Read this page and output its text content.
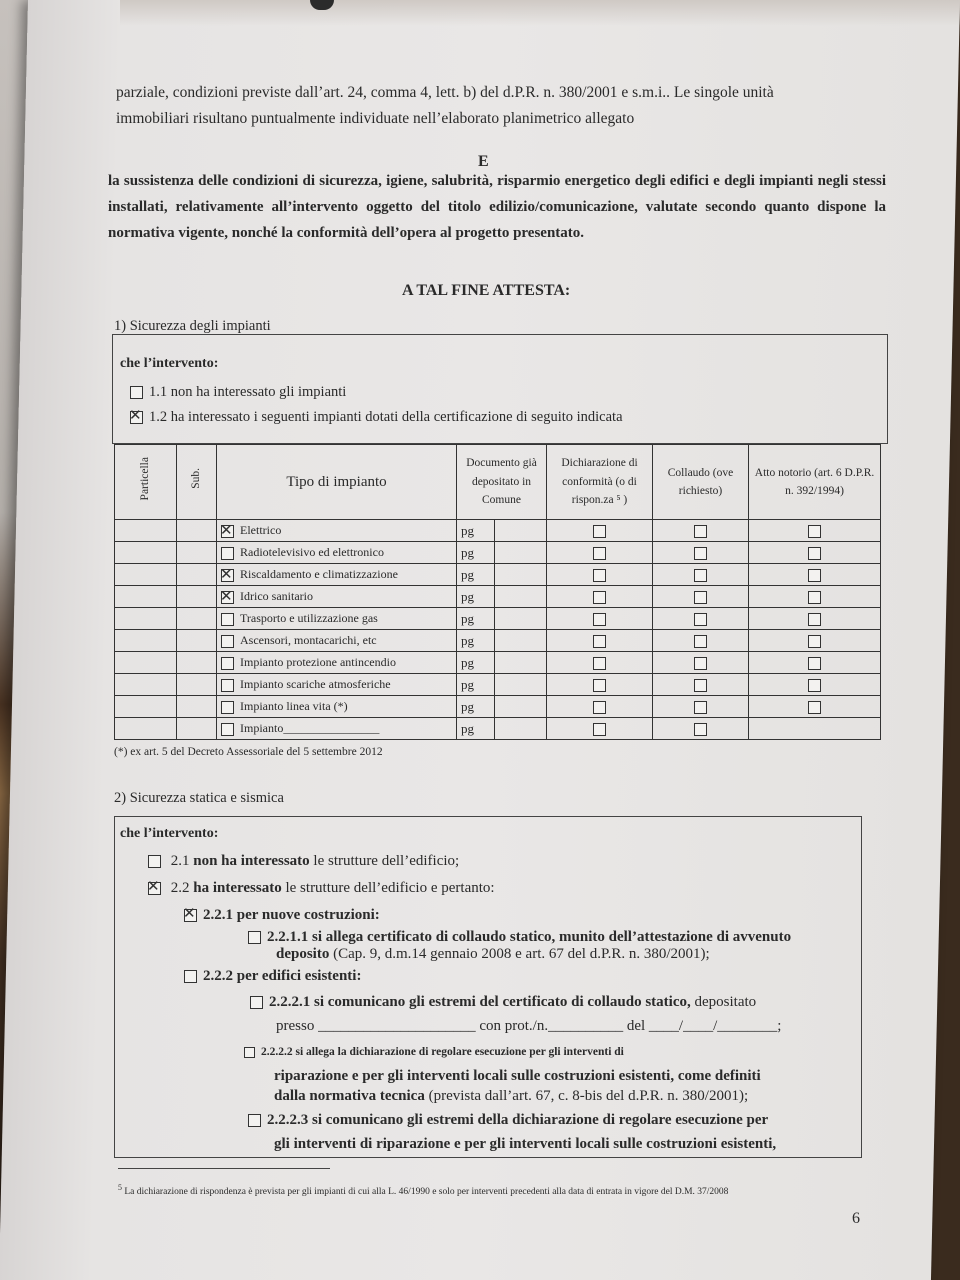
parziale, condizioni previste dall’art. 24, comma 4, lett. b) del d.P.R. n. 380/2001 e s.m.i.. Le singole unità
immobiliari risultano puntualmente individuate nell’elaborato planimetrico allegato
E
la sussistenza delle condizioni di sicurezza, igiene, salubrità, risparmio energetico degli edifici e degli impianti negli stessi installati, relativamente all’intervento oggetto del titolo edilizio/comunicazione, valutate secondo quanto dispone la normativa vigente, nonché la conformità dell’opera al progetto presentato.
A TAL FINE ATTESTA:
1) Sicurezza degli impianti
che l’intervento:
1.1 non ha interessato gli impianti
✕1.2 ha interessato i seguenti impianti dotati della certificazione di seguito indicata
Particella	Sub.	Tipo di impianto	Documento già depositato in Comune		Dichiarazione di conformità (o di rispon.za ⁵ )	Collaudo (ove richiesto)	Atto notorio (art. 6 D.P.R. n. 392/1994)
		✕Elettrico	pg				
		Radiotelevisivo ed elettronico	pg				
		✕Riscaldamento e climatizzazione	pg				
		✕Idrico sanitario	pg				
		Trasporto e utilizzazione gas	pg				
		Ascensori, montacarichi, etc	pg				
		Impianto protezione antincendio	pg				
		Impianto scariche atmosferiche	pg				
		Impianto linea vita (*)	pg				
		Impianto________________	pg				
(*) ex art. 5 del Decreto Assessoriale del 5 settembre 2012
2) Sicurezza statica e sismica
che l’intervento:
2.1 non ha interessato le strutture dell’edificio;
✕ 2.2 ha interessato le strutture dell’edificio e pertanto:
✕2.2.1 per nuove costruzioni:
2.2.1.1 si allega certificato di collaudo statico, munito dell’attestazione di avvenuto
deposito (Cap. 9, d.m.14 gennaio 2008 e art. 67 del d.P.R. n. 380/2001);
2.2.2 per edifici esistenti:
2.2.2.1 si comunicano gli estremi del certificato di collaudo statico, depositato
presso _____________________ con prot./n.__________ del ____/____/________;
2.2.2.2 si allega la dichiarazione di regolare esecuzione per gli interventi di
riparazione e per gli interventi locali sulle costruzioni esistenti, come definiti
dalla normativa tecnica (prevista dall’art. 67, c. 8-bis del d.P.R. n. 380/2001);
2.2.2.3 si comunicano gli estremi della dichiarazione di regolare esecuzione per
gli interventi di riparazione e per gli interventi locali sulle costruzioni esistenti,
$^5$ La dichiarazione di rispondenza è prevista per gli impianti di cui alla L. 46/1990 e solo per interventi precedenti alla data di entrata in vigore del D.M. 37/2008
6
